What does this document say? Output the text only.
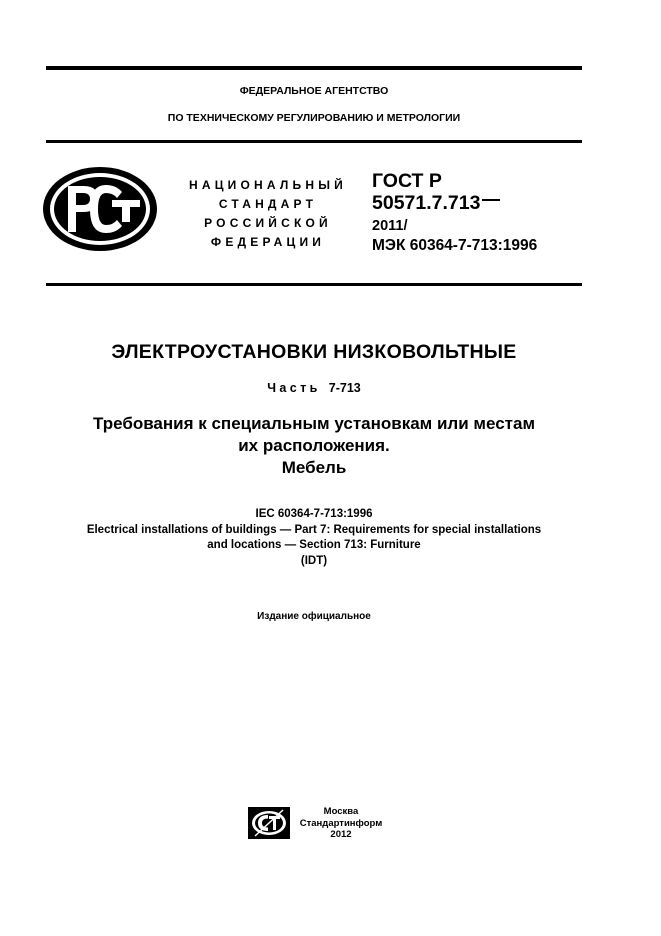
ФЕДЕРАЛЬНОЕ АГЕНТСТВО
ПО ТЕХНИЧЕСКОМУ РЕГУЛИРОВАНИЮ И МЕТРОЛОГИИ
НАЦИОНАЛЬНЫЙ
СТАНДАРТ
РОССИЙСКОЙ
ФЕДЕРАЦИИ
ГОСТ Р
50571.7.713
2011/
МЭК 60364-7-713:1996
ЭЛЕКТРОУСТАНОВКИ НИЗКОВОЛЬТНЫЕ
Часть 7-713
Требования к специальным установкам или местам
их расположения.
Мебель
IEC 60364-7-713:1996
Electrical installations of buildings — Part 7: Requirements for special installations
and locations — Section 713: Furniture
(IDT)
Издание официальное
Москва
Стандартинформ
2012
